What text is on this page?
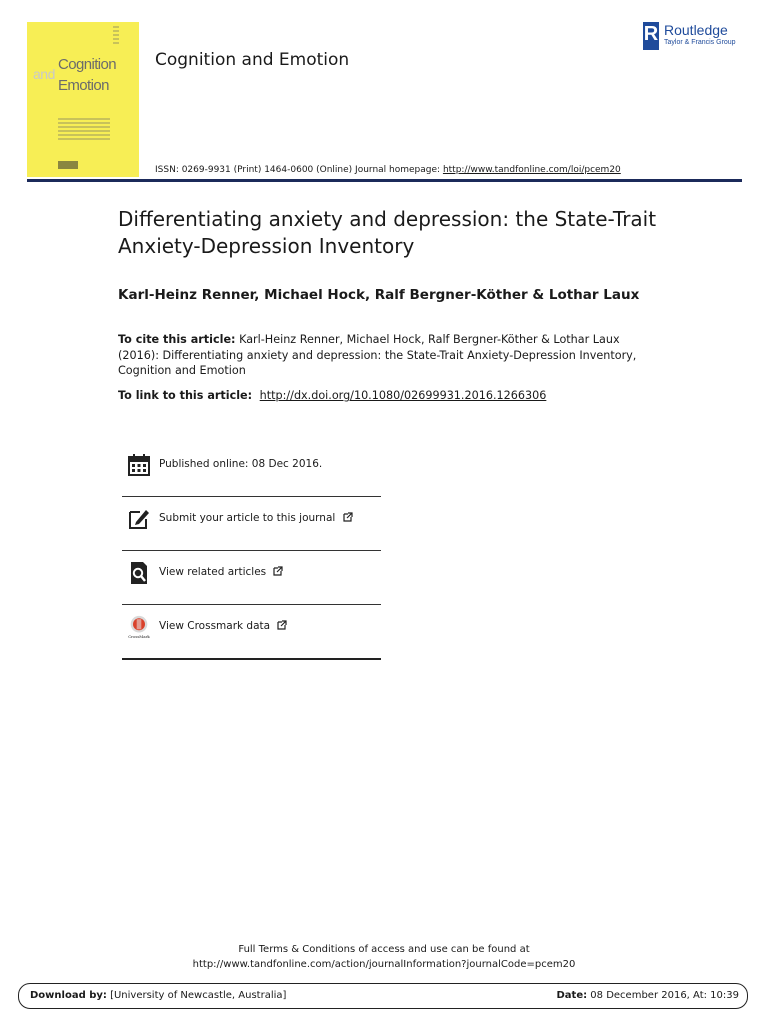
and
Cognition
Emotion
Cognition and Emotion
R Routledge
Taylor & Francis Group
ISSN: 0269-9931 (Print) 1464-0600 (Online) Journal homepage: http://www.tandfonline.com/loi/pcem20
Differentiating anxiety and depression: the State-Trait Anxiety-Depression Inventory
Karl-Heinz Renner, Michael Hock, Ralf Bergner-Köther & Lothar Laux
To cite this article: Karl-Heinz Renner, Michael Hock, Ralf Bergner-Köther & Lothar Laux (2016): Differentiating anxiety and depression: the State-Trait Anxiety-Depression Inventory, Cognition and Emotion
To link to this article: http://dx.doi.org/10.1080/02699931.2016.1266306
Published online: 08 Dec 2016.
Submit your article to this journal
View related articles
CrossMark
View Crossmark data
Full Terms & Conditions of access and use can be found at
http://www.tandfonline.com/action/journalInformation?journalCode=pcem20
Download by: [University of Newcastle, Australia]	Date: 08 December 2016, At: 10:39
